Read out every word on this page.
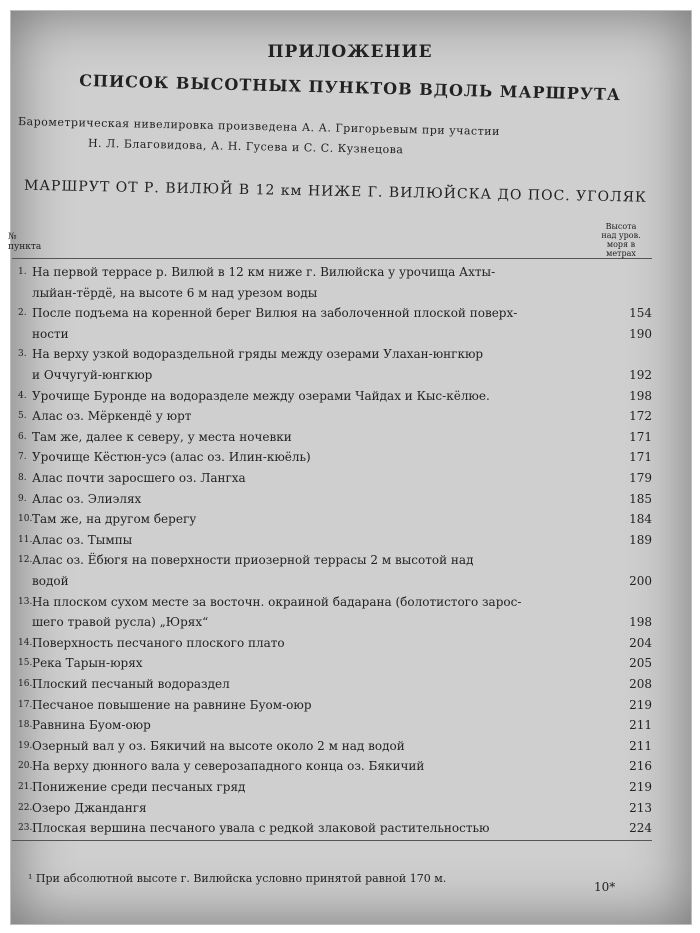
ПРИЛОЖЕНИЕ
СПИСОК ВЫСОТНЫХ ПУНКТОВ ВДОЛЬ МАРШРУТА
Барометрическая нивелировка произведена А. А. Григорьевым при участии
Н. Л. Благовидова, А. Н. Гусева и С. С. Кузнецова
МАРШРУТ ОТ Р. ВИЛЮЙ В 12 км НИЖЕ Г. ВИЛЮЙСКА ДО ПОС. УГОЛЯК
№
пункта
Высота
над уров.
моря в
метрах
1. На первой террасе р. Вилюй в 12 км ниже г. Вилюйска у урочища Ахты-
лыйан-тёрдё, на высоте 6 м над урезом воды
2. После подъема на коренной берег Вилюя на заболоченной плоской поверх-	154
ности	190
3. На верху узкой водораздельной гряды между озерами Улахан-юнгкюр
и Оччугуй-юнгкюр	192
4. Урочище Буронде на водоразделе между озерами Чайдах и Кыс-кёлюе.	198
5. Алас оз. Мёркендё у юрт	172
6. Там же, далее к северу, у места ночевки	171
7. Урочище Кёстюн-усэ (алас оз. Илин-кюёль)	171
8. Алас почти заросшего оз. Лангха	179
9. Алас оз. Элиэлях	185
10. Там же, на другом берегу	184
11. Алас оз. Тымпы	189
12. Алас оз. Ёбюгя на поверхности приозерной террасы 2 м высотой над
водой	200
13. На плоском сухом месте за восточн. окраиной бадарана (болотистого зарос-
шего травой русла) „Юрях“	198
14. Поверхность песчаного плоского плато	204
15. Река Тарын-юрях	205
16. Плоский песчаный водораздел	208
17. Песчаное повышение на равнине Буом-оюр	219
18. Равнина Буом-оюр	211
19. Озерный вал у оз. Бякичий на высоте около 2 м над водой	211
20. На верху дюнного вала у северозападного конца оз. Бякичий	216
21. Понижение среди песчаных гряд	219
22. Озеро Джандангя	213
23. Плоская вершина песчаного увала с редкой злаковой растительностью	224
¹ При абсолютной высоте г. Вилюйска условно принятой равной 170 м.
10*
